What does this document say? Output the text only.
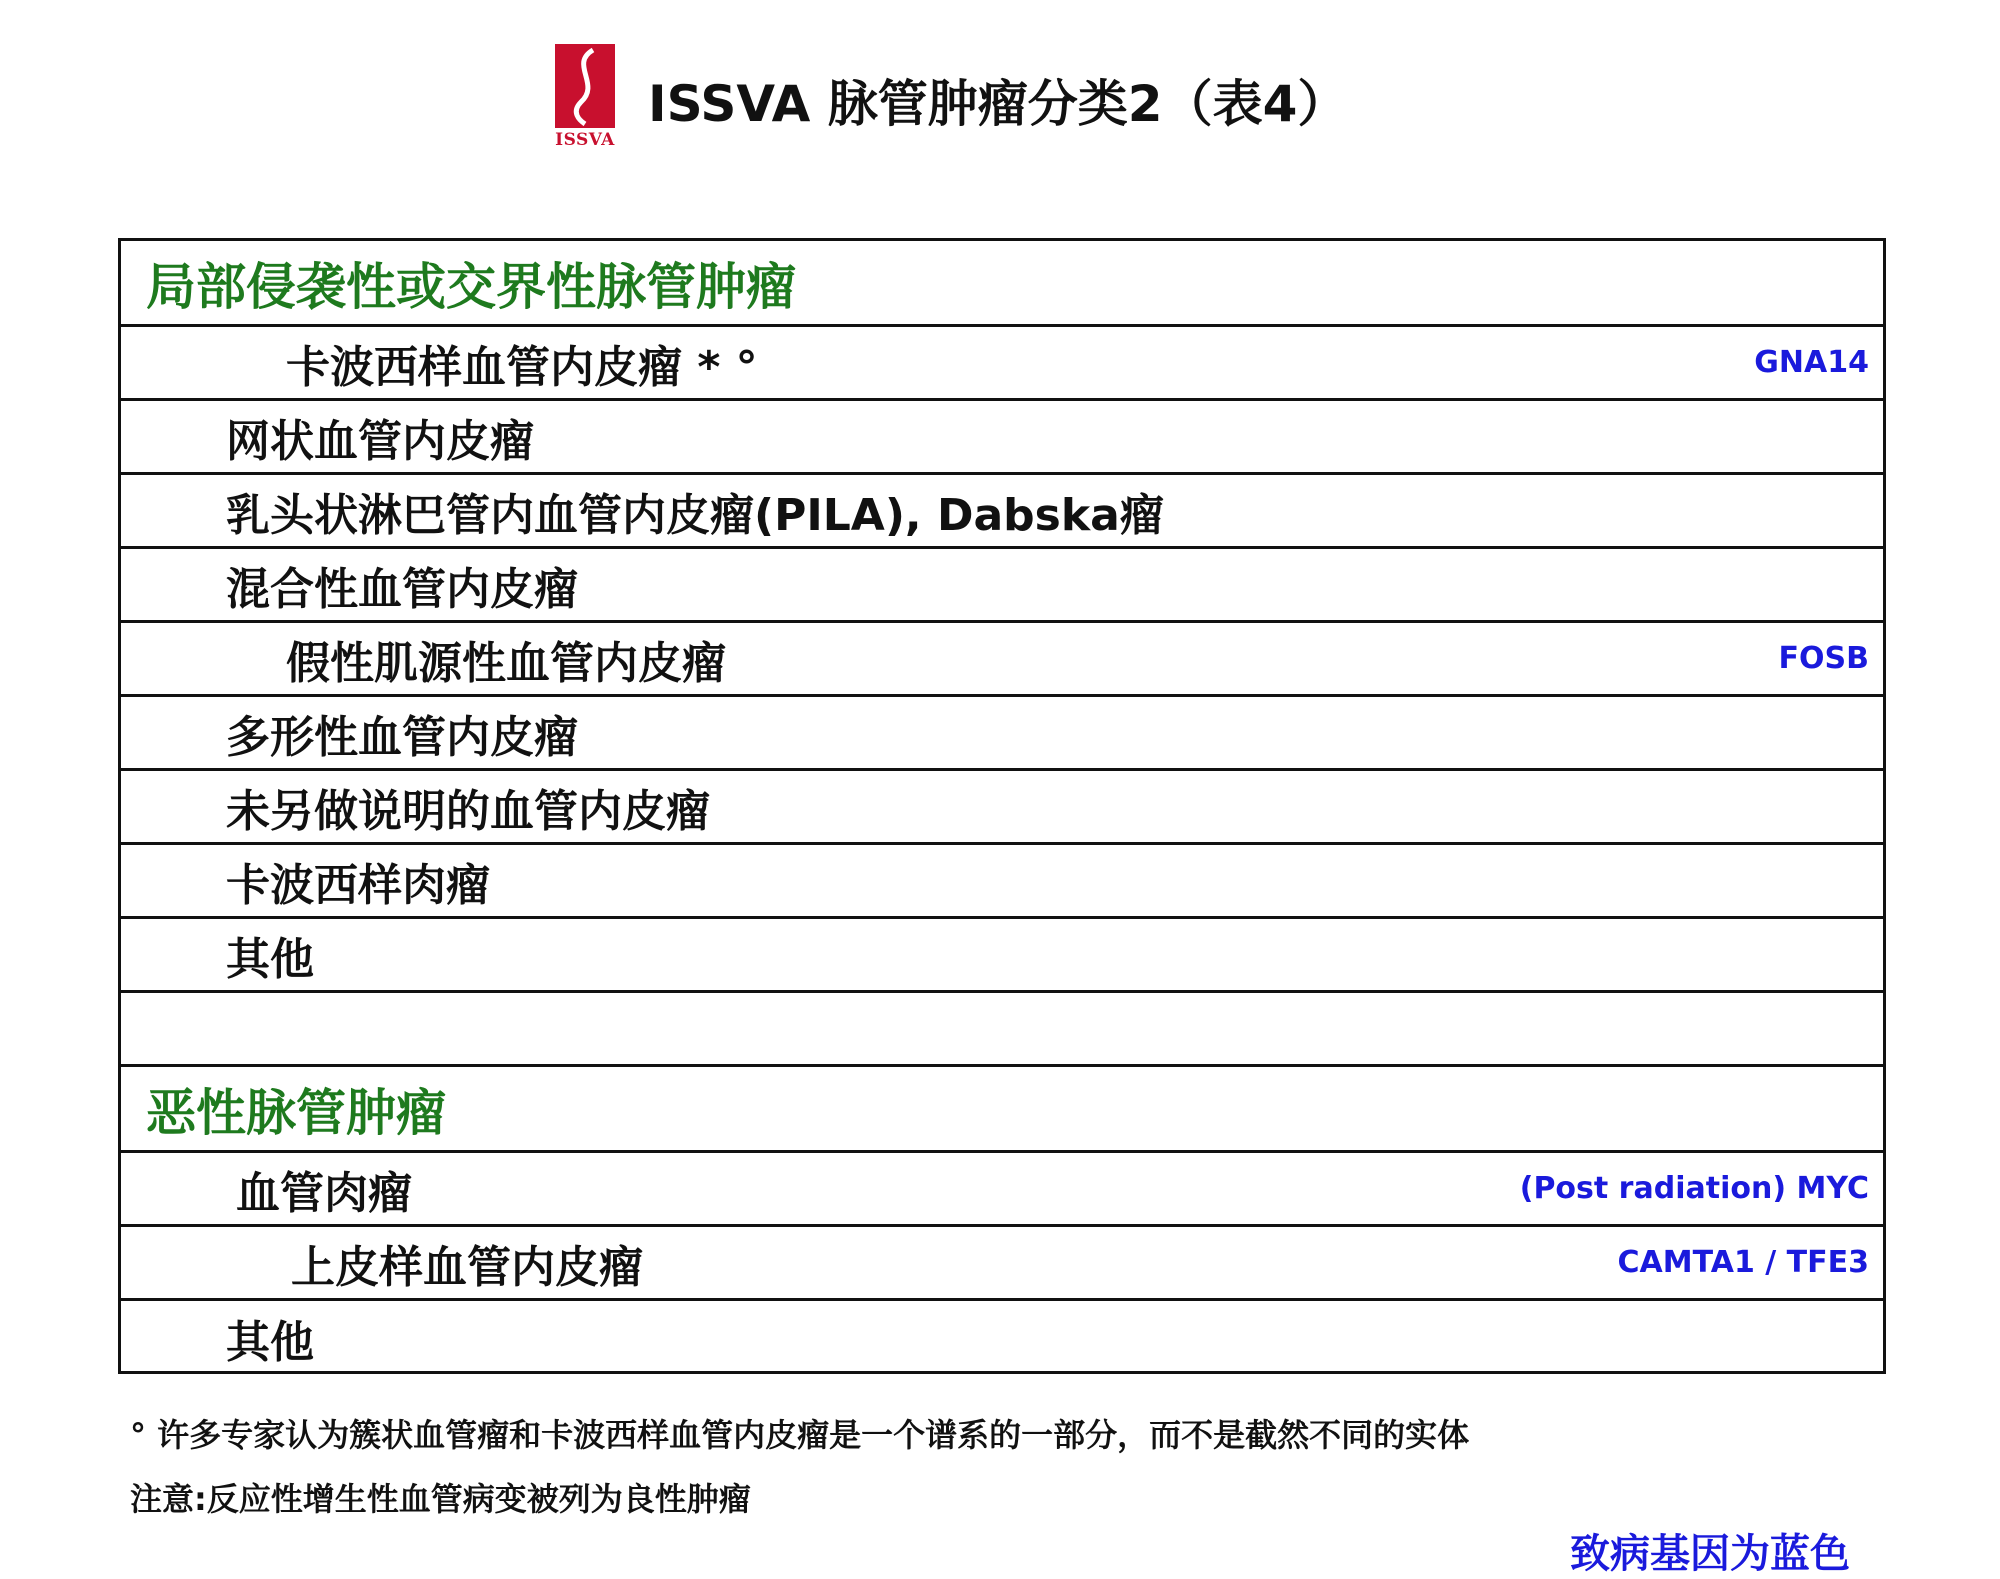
ISSVA
ISSVA 脉管肿瘤分类2（表4）
局部侵袭性或交界性脉管肿瘤
卡波西样血管内皮瘤 * °	GNA14
网状血管内皮瘤
乳头状淋巴管内血管内皮瘤(PILA), Dabska瘤
混合性血管内皮瘤
假性肌源性血管内皮瘤	FOSB
多形性血管内皮瘤
未另做说明的血管内皮瘤
卡波西样肉瘤
其他
恶性脉管肿瘤
血管肉瘤	(Post radiation) MYC
上皮样血管内皮瘤	CAMTA1 / TFE3
其他
° 许多专家认为簇状血管瘤和卡波西样血管内皮瘤是一个谱系的一部分，而不是截然不同的实体
注意:反应性增生性血管病变被列为良性肿瘤
致病基因为蓝色
